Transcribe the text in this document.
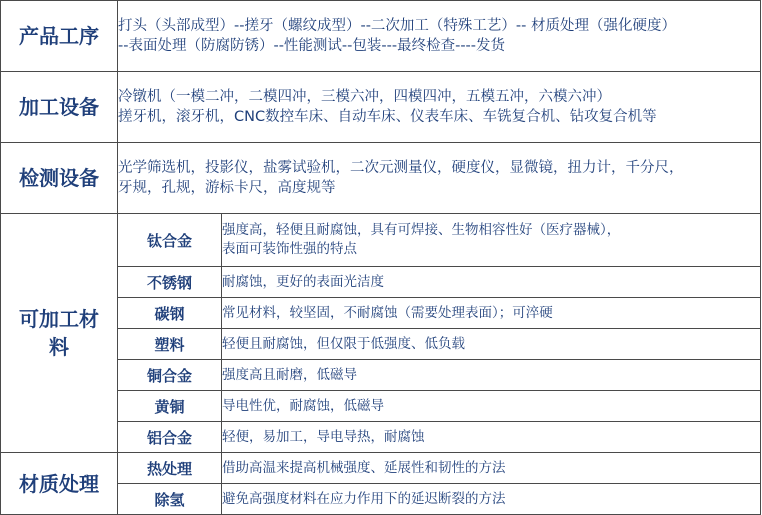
产品工序	打头（头部成型）--搓牙（螺纹成型）--二次加工（特殊工艺）-- 材质处理（强化硬度）
--表面处理（防腐防锈）--性能测试--包装---最终检查----发货	

加工设备	冷镦机（一模二冲，二模四冲，三模六冲，四模四冲，五模五冲，六模六冲）
搓牙机，滚牙机，CNC数控车床、自动车床、仪表车床、车铣复合机、钻攻复合机等	

检测设备	光学筛选机，投影仪，盐雾试验机，二次元测量仪，硬度仪，显微镜，扭力计，千分尺，
牙规，孔规，游标卡尺，高度规等	

可加工材
料	钛合金	强度高，轻便且耐腐蚀，具有可焊接、生物相容性好（医疗器械），
表面可装饰性强的特点

	不锈钢	耐腐蚀，更好的表面光洁度
	碳钢	常见材料，较坚固，不耐腐蚀（需要处理表面）；可淬硬
	塑料	轻便且耐腐蚀，但仅限于低强度、低负载
	铜合金	强度高且耐磨，低磁导
	黄铜	导电性优，耐腐蚀，低磁导
	铝合金	轻便，易加工，导电导热，耐腐蚀
材质处理	热处理	借助高温来提高机械强度、延展性和韧性的方法
	除氢	避免高强度材料在应力作用下的延迟断裂的方法
